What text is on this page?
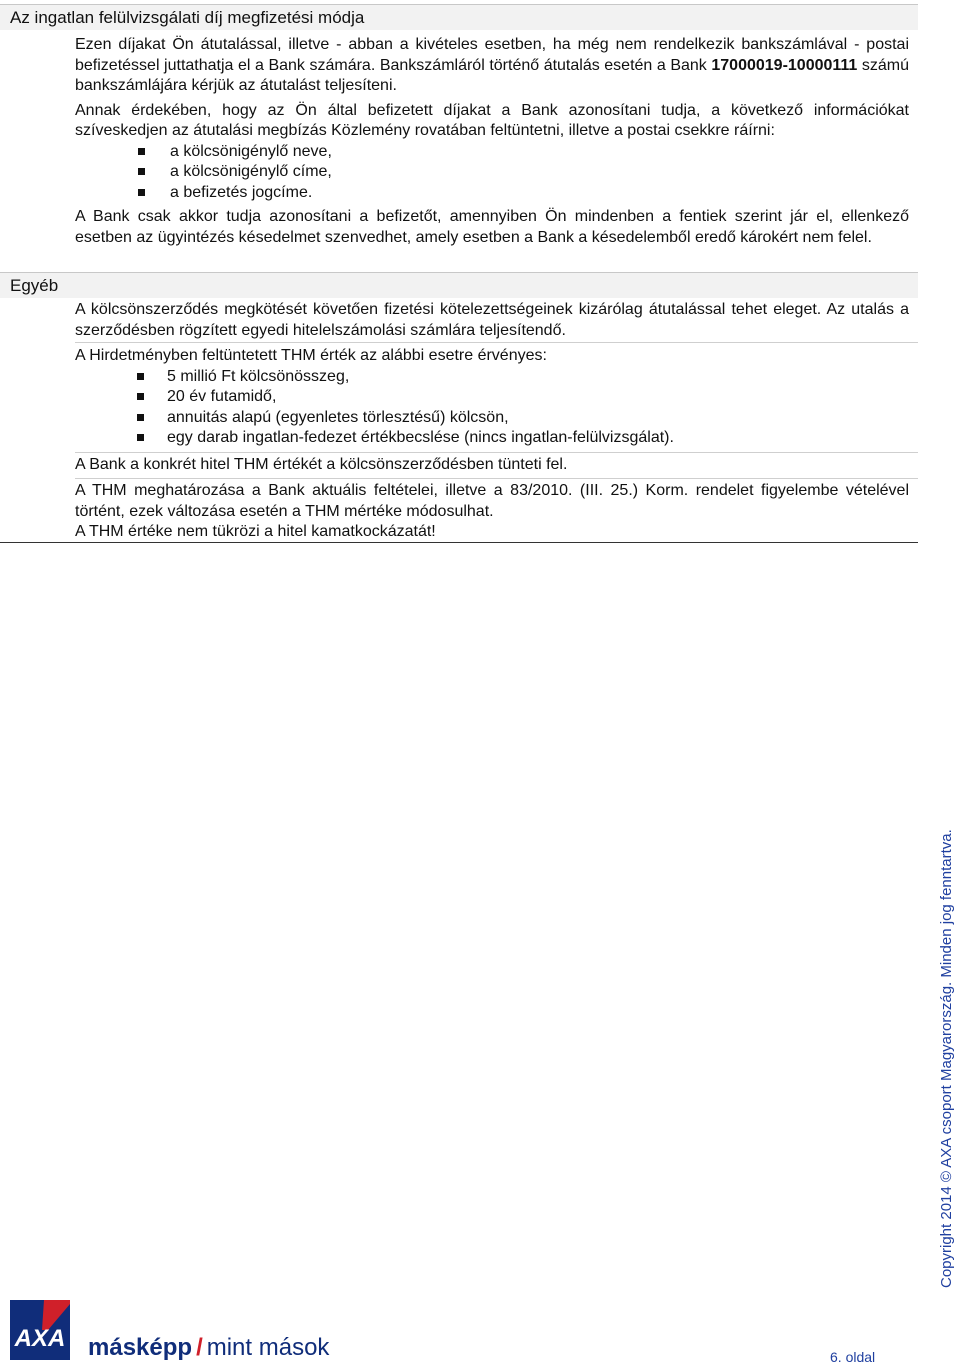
Az ingatlan felülvizsgálati díj megfizetési módja

Ezen díjakat Ön átutalással, illetve - abban a kivételes esetben, ha még nem rendelkezik bankszámlával - postai befizetéssel juttathatja el a Bank számára. Bankszámláról történő átutalás esetén a Bank 17000019-10000111 számú bankszámlájára kérjük az átutalást teljesíteni.

Annak érdekében, hogy az Ön által befizetett díjakat a Bank azonosítani tudja, a következő információkat szíveskedjen az átutalási megbízás Közlemény rovatában feltüntetni, illetve a postai csekkre ráírni:

a kölcsönigénylő neve,
a kölcsönigénylő címe,
a befizetés jogcíme.

A Bank csak akkor tudja azonosítani a befizetőt, amennyiben Ön mindenben a fentiek szerint jár el, ellenkező esetben az ügyintézés késedelmet szenvedhet, amely esetben a Bank a késedelemből eredő károkért nem felel.

Egyéb
A kölcsönszerződés megkötését követően fizetési kötelezettségeinek kizárólag átutalással tehet eleget. Az utalás a szerződésben rögzített egyedi hitelelszámolási számlára teljesítendő.

A Hirdetményben feltüntetett THM érték az alábbi esetre érvényes:

5 millió Ft kölcsönösszeg,
20 év futamidő,
annuitás alapú (egyenletes törlesztésű) kölcsön,
egy darab ingatlan-fedezet értékbecslése (nincs ingatlan-felülvizsgálat).
A Bank a konkrét hitel THM értékét a kölcsönszerződésben tünteti fel.

A THM meghatározása a Bank aktuális feltételei, illetve a 83/2010. (III. 25.) Korm. rendelet figyelembe vételével történt, ezek változása esetén a THM mértéke módosulhat.

A THM értéke nem tükrözi a hitel kamatkockázatát!

Copyright 2014 © AXA csoport Magyarország. Minden jog fenntartva.
AXA másképp / mint mások	6. oldal
